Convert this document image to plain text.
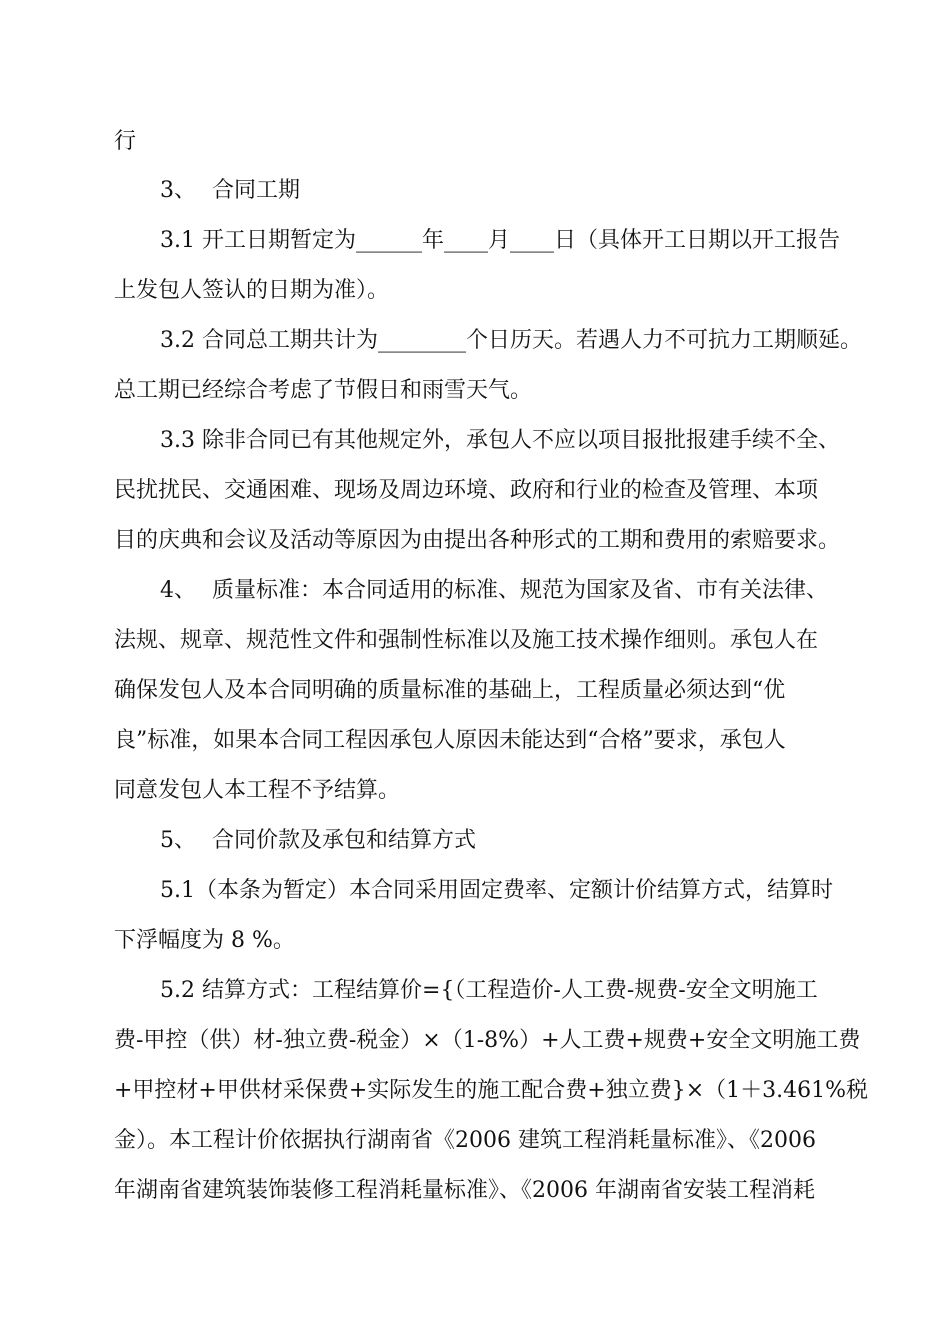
行
3、 合同工期
3.1 开工日期暂定为______年____月____日（具体开工日期以开工报告
上发包人签认的日期为准）。
3.2 合同总工期共计为________个日历天。若遇人力不可抗力工期顺延。
总工期已经综合考虑了节假日和雨雪天气。
3.3 除非合同已有其他规定外，承包人不应以项目报批报建手续不全、
民扰扰民、交通困难、现场及周边环境、政府和行业的检查及管理、本项
目的庆典和会议及活动等原因为由提出各种形式的工期和费用的索赔要求。
4、 质量标准：本合同适用的标准、规范为国家及省、市有关法律、
法规、规章、规范性文件和强制性标准以及施工技术操作细则。承包人在
确保发包人及本合同明确的质量标准的基础上，工程质量必须达到“优
良”标准，如果本合同工程因承包人原因未能达到“合格”要求，承包人
同意发包人本工程不予结算。
5、 合同价款及承包和结算方式
5.1（本条为暂定）本合同采用固定费率、定额计价结算方式，结算时
下浮幅度为 8 %。
5.2 结算方式：工程结算价={（工程造价-人工费-规费-安全文明施工
费-甲控（供）材-独立费-税金）×（1-8%）+人工费+规费+安全文明施工费
+甲控材+甲供材采保费+实际发生的施工配合费+独立费}×（1＋3.461%税
金）。本工程计价依据执行湖南省《2006 建筑工程消耗量标准》、《2006
年湖南省建筑装饰装修工程消耗量标准》、《2006 年湖南省安装工程消耗
